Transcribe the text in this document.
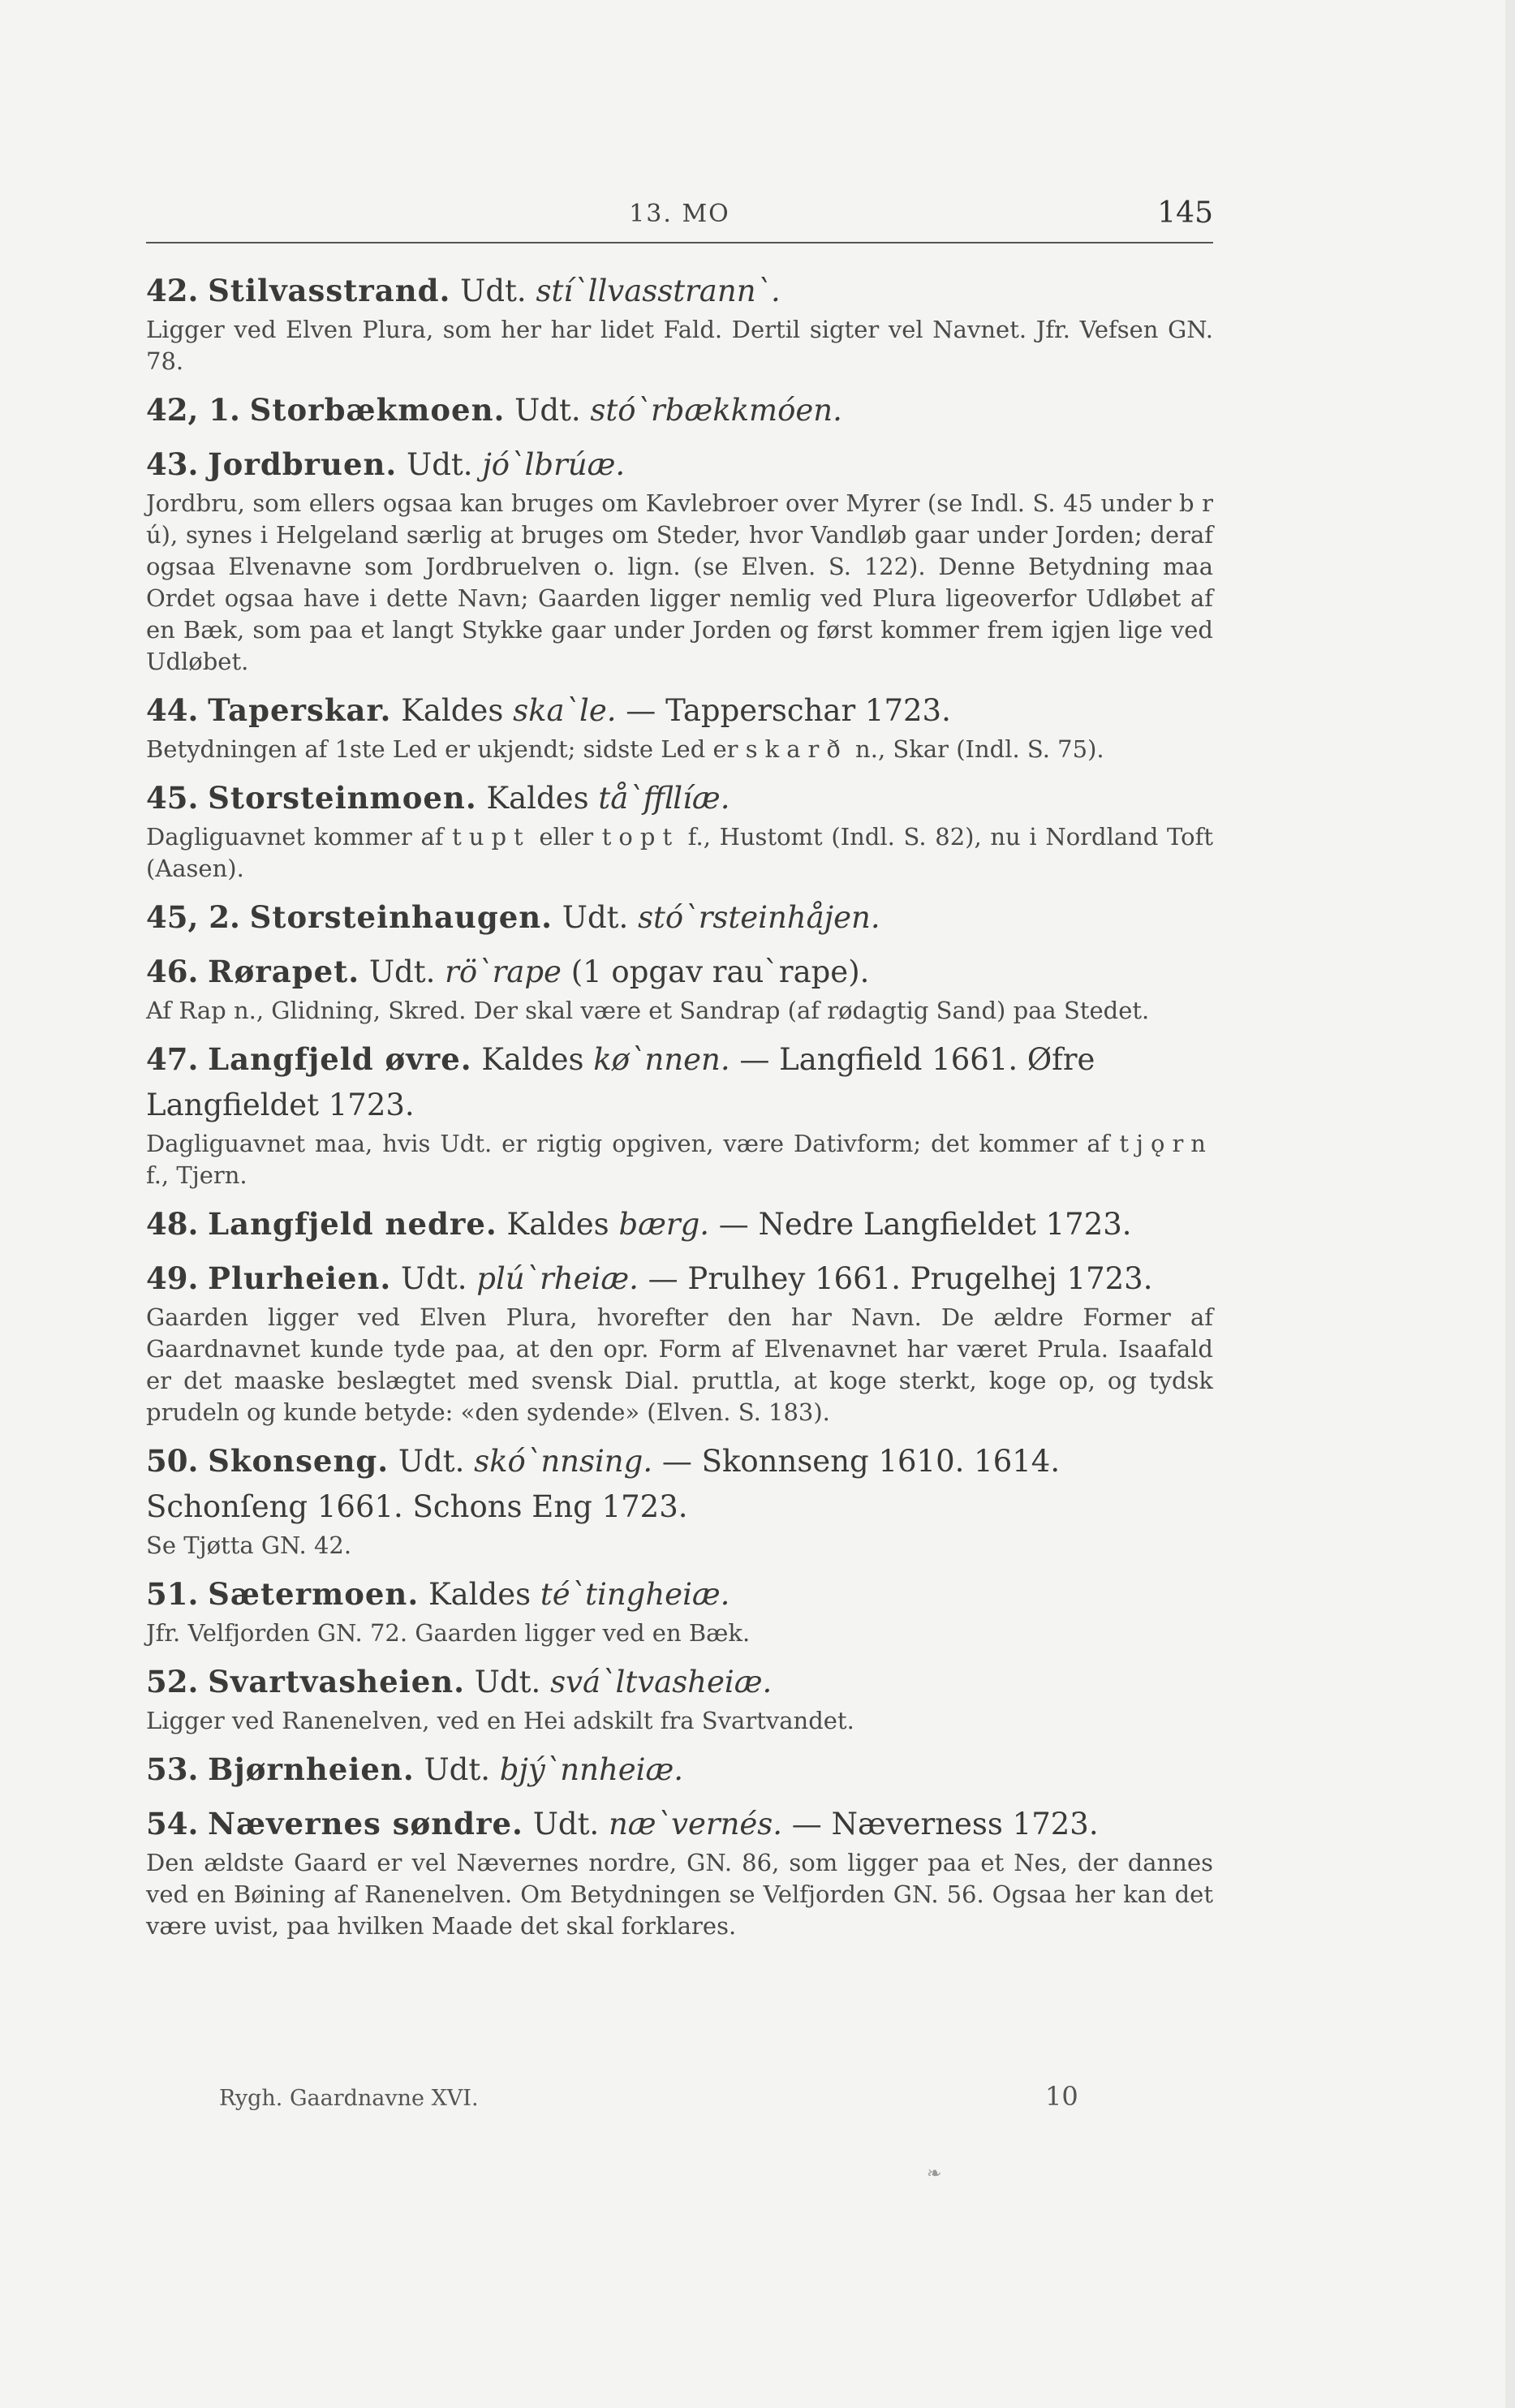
13. MO	145
42. Stilvasstrand. Udt. stí`llvasstrann`.
Ligger ved Elven Plura, som her har lidet Fald. Dertil sigter vel Navnet. Jfr. Vefsen GN. 78.
42, 1. Storbækmoen. Udt. stó`rbækkmóen.
43. Jordbruen. Udt. jó`lbrúæ.
Jordbru, som ellers ogsaa kan bruges om Kavlebroer over Myrer (se Indl. S. 45 under b r ú), synes i Helgeland særlig at bruges om Steder, hvor Vandløb gaar under Jorden; deraf ogsaa Elvenavne som Jordbruelven o. lign. (se Elven. S. 122). Denne Betydning maa Ordet ogsaa have i dette Navn; Gaarden ligger nemlig ved Plura ligeoverfor Udløbet af en Bæk, som paa et langt Stykke gaar under Jorden og først kommer frem igjen lige ved Udløbet.
44. Taperskar. Kaldes ska`le. — Tapperschar 1723.
Betydningen af 1ste Led er ukjendt; sidste Led er skarð n., Skar (Indl. S. 75).
45. Storsteinmoen. Kaldes tå`ffllíæ.
Dagliguavnet kommer af tupt eller topt f., Hustomt (Indl. S. 82), nu i Nordland Toft (Aasen).
45, 2. Storsteinhaugen. Udt. stó`rsteinhåjen.
46. Rørapet. Udt. rö`rape (1 opgav rau`rape).
Af Rap n., Glidning, Skred. Der skal være et Sandrap (af rødagtig Sand) paa Stedet.
47. Langfjeld øvre. Kaldes kø`nnen. — Langfield 1661. Øfre Langfieldet 1723.
Dagliguavnet maa, hvis Udt. er rigtig opgiven, være Dativform; det kommer af tjǫrn f., Tjern.
48. Langfjeld nedre. Kaldes bærg. — Nedre Langfieldet 1723.
49. Plurheien. Udt. plú`rheiæ. — Prulhey 1661. Prugelhej 1723.
Gaarden ligger ved Elven Plura, hvorefter den har Navn. De ældre Former af Gaardnavnet kunde tyde paa, at den opr. Form af Elvenavnet har været Prula. Isaafald er det maaske beslægtet med svensk Dial. pruttla, at koge sterkt, koge op, og tydsk prudeln og kunde betyde: «den sydende» (Elven. S. 183).
50. Skonseng. Udt. skó`nnsing. — Skonnseng 1610. 1614. Schonſeng 1661. Schons Eng 1723.
Se Tjøtta GN. 42.
51. Sætermoen. Kaldes té`tingheiæ.
Jfr. Velfjorden GN. 72. Gaarden ligger ved en Bæk.
52. Svartvasheien. Udt. svá`ltvasheiæ.
Ligger ved Ranenelven, ved en Hei adskilt fra Svartvandet.
53. Bjørnheien. Udt. bjý`nnheiæ.
54. Nævernes søndre. Udt. næ`vernés. — Næverness 1723.
Den ældste Gaard er vel Nævernes nordre, GN. 86, som ligger paa et Nes, der dannes ved en Bøining af Ranenelven. Om Betydningen se Velfjorden GN. 56. Ogsaa her kan det være uvist, paa hvilken Maade det skal forklares.
Rygh. Gaardnavne XVI.	10
❧
